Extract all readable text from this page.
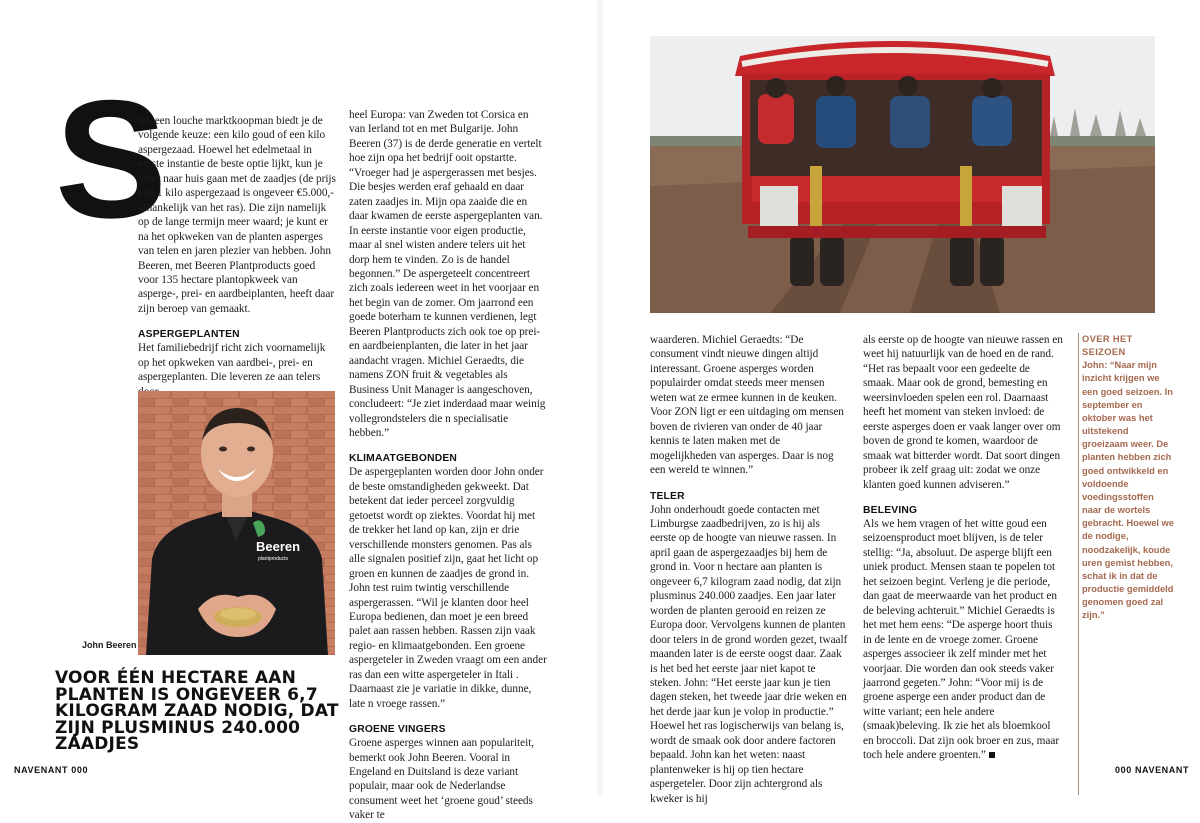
S

tel, een louche marktkoopman biedt je de volgende keuze: een kilo goud of een kilo aspergezaad. Hoewel het edelmetaal in eerste instantie de beste optie lijkt, kun je beter naar huis gaan met de zaadjes (de prijs van 1 kilo aspergezaad is ongeveer €5.000,- afhankelijk van het ras). Die zijn namelijk op de lange termijn meer waard; je kunt er na het opkweken van de planten asperges van telen en jaren plezier van hebben. John Beeren, met Beeren Plantproducts goed voor 135 hectare plantopkweek van asperge-, prei- en aardbeiplanten, heeft daar zijn beroep van gemaakt.

ASPERGEPLANTEN

Het familiebedrijf richt zich voornamelijk op het opkweken van aardbei-, prei- en aspergeplanten. Die leveren ze aan telers

Beeren
plantproducts
John Beeren

heel Europa: van Zweden tot Corsica en van Ierland tot en met Bulgarije. John Beeren (37) is de derde generatie en vertelt hoe zijn opa het bedrijf ooit opstartte. “Vroeger had je aspergerassen met besjes. Die besjes werden eraf gehaald en daar zaten zaadjes in. Mijn opa zaaide die en daar kwamen de eerste aspergeplanten van. In eerste instantie voor eigen productie, maar al snel wisten andere telers uit het dorp hem te vinden. Zo is de handel begonnen.” De aspergeteelt concentreert zich zoals iedereen weet in het voorjaar en het begin van de zomer. Om jaarrond een goede boterham te kunnen verdienen, legt Beeren Plantproducts zich ook toe op prei- en aardbeienplanten, die later in het jaar aandacht vragen. Michiel Geraedts, die namens ZON fruit & vegetables als Business Unit Manager is aangeschoven, concludeert: “Je ziet inderdaad maar weinig vollegrondstelers die n specialisatie hebben.”

KLIMAATGEBONDEN

De aspergeplanten worden door John onder de beste omstandigheden gekweekt. Dat betekent dat ieder perceel zorgvuldig getoetst wordt op ziektes. Voordat hij met de trekker het land op kan, zijn er drie verschillende monsters genomen. Pas als alle signalen positief zijn, gaat het licht op groen en kunnen de zaadjes de grond in. John test ruim twintig verschillende aspergerassen. “Wil je klanten door heel Europa bedienen, dan moet je een breed palet aan rassen hebben. Rassen zijn vaak regio- en klimaatgebonden. Een groene aspergeteler in Zweden vraagt om een ander ras dan een witte aspergeteler in Itali . Daarnaast zie je variatie in dikke, dunne, late n vroege rassen.”

GROENE VINGERS

Groene asperges winnen aan populariteit, bemerkt ook John Beeren. Vooral in Engeland en Duitsland is deze variant populair, maar ook de Nederlandse consument weet het ‘groene goud’ steeds vaker te

VOOR ÉÉN HECTARE AAN PLANTEN IS ONGEVEER 6,7 KILOGRAM ZAAD NODIG, DAT ZIJN PLUSMINUS 240.000 ZAADJES
NAVENANT 000

waarderen. Michiel Geraedts: “De consument vindt nieuwe dingen altijd interessant. Groene asperges worden populairder omdat steeds meer mensen weten wat ze ermee kunnen in de keuken. Voor ZON ligt er een uitdaging om mensen boven de rivieren van onder de 40 jaar kennis te laten maken met de mogelijkheden van asperges. Daar is nog een wereld te winnen.”

TELER

John onderhoudt goede contacten met Limburgse zaadbedrijven, zo is hij als eerste op de hoogte van nieuwe rassen. In april gaan de aspergezaadjes bij hem de grond in. Voor n hectare aan planten is ongeveer 6,7 kilogram zaad nodig, dat zijn plusminus 240.000 zaadjes. Een jaar later worden de planten gerooid en reizen ze Europa door. Vervolgens kunnen de planten door telers in de grond worden gezet, twaalf maanden later is de eerste oogst daar. Zaak is het bed het eerste jaar niet kapot te steken. John: “Het eerste jaar kun je tien dagen steken, het tweede jaar drie weken en het derde jaar kun je volop in productie.” Hoewel het ras logischerwijs van belang is, wordt de smaak ook door andere factoren bepaald. John kan het weten: naast plantenweker is hij op tien hectare aspergeteler. Door zijn achtergrond als kweker is hij

als eerste op de hoogte van nieuwe rassen en weet hij natuurlijk van de hoed en de rand. “Het ras bepaalt voor een gedeelte de smaak. Maar ook de grond, bemesting en weersinvloeden spelen een rol. Daarnaast heeft het moment van steken invloed: de eerste asperges doen er vaak langer over om boven de grond te komen, waardoor de smaak wat bitterder wordt. Dat soort dingen probeer ik zelf graag uit: zodat we onze klanten goed kunnen adviseren.”

BELEVING

Als we hem vragen of het witte goud een seizoensproduct moet blijven, is de teler stellig: “Ja, absoluut. De asperge blijft een uniek product. Mensen staan te popelen tot het seizoen begint. Verleng je die periode, dan gaat de meerwaarde van het product en de beleving achteruit.” Michiel Geraedts is het met hem eens: “De asperge hoort thuis in de lente en de vroege zomer. Groene asperges associeer ik zelf minder met het voorjaar. Die worden dan ook steeds vaker jaarrond gegeten.” John: “Voor mij is de groene asperge een ander product dan de witte variant; een hele andere (smaak)beleving. Ik zie het als bloemkool en broccoli. Dat zijn ook broer en zus, maar toch hele andere groenten.”

OVER HET
SEIZOEN
John: “Naar mijn inzicht krijgen we een goed seizoen. In september en oktober was het uitstekend groeizaam weer. De planten hebben zich goed ontwikkeld en voldoende voedingsstoffen naar de wortels gebracht. Hoewel we de nodige, noodzakelijk, koude uren gemist hebben, schat ik in dat de productie gemiddeld genomen goed zal zijn.”
000 NAVENANT
